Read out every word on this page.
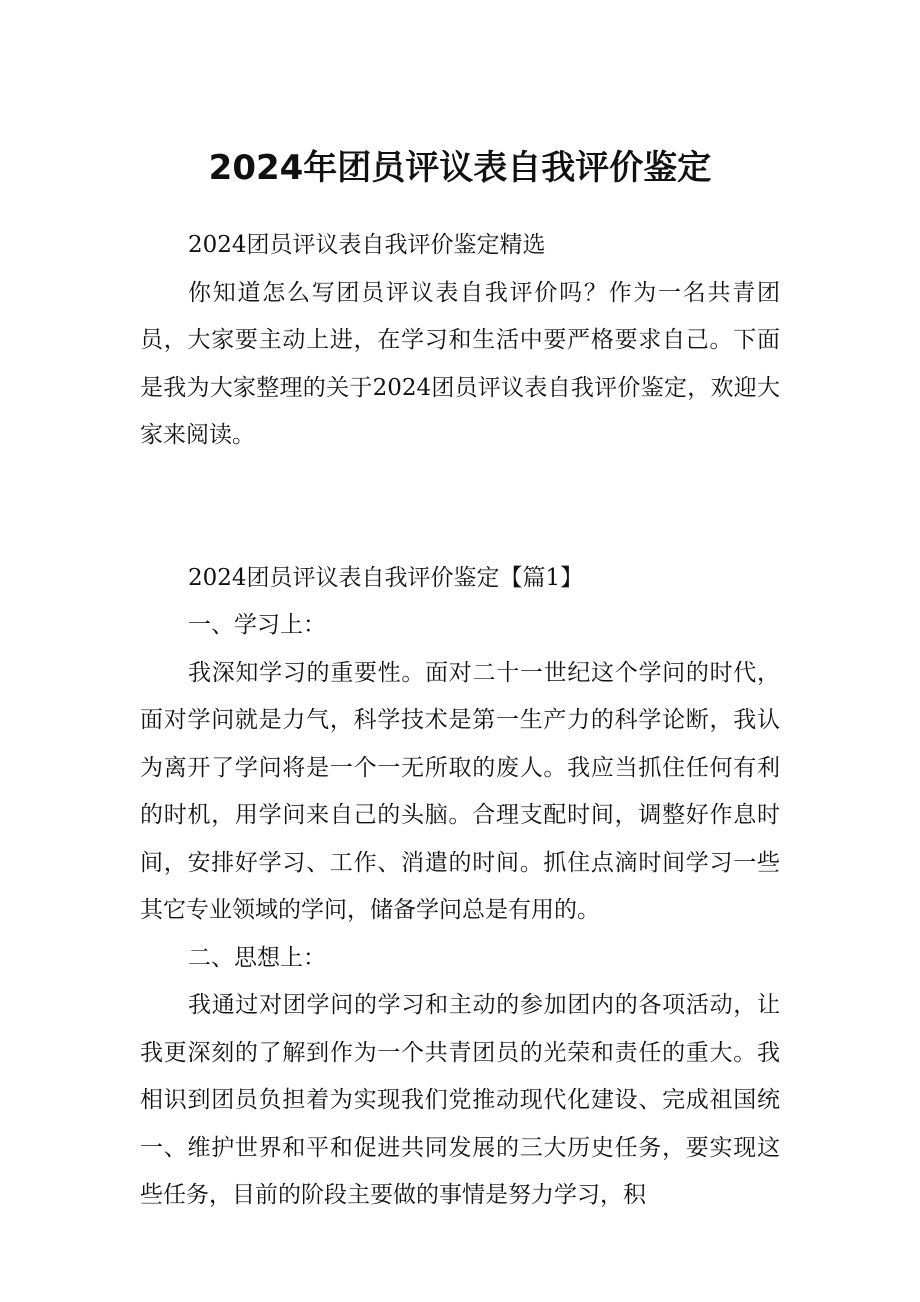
2024年团员评议表自我评价鉴定

2024团员评议表自我评价鉴定精选

你知道怎么写团员评议表自我评价吗？作为一名共青团员，大家要主动上进，在学习和生活中要严格要求自己。下面是我为大家整理的关于2024团员评议表自我评价鉴定，欢迎大家来阅读。

2024团员评议表自我评价鉴定【篇1】

一、学习上：

我深知学习的重要性。面对二十一世纪这个学问的时代，面对学问就是力气，科学技术是第一生产力的科学论断，我认为离开了学问将是一个一无所取的废人。我应当抓住任何有利的时机，用学问来自己的头脑。合理支配时间，调整好作息时间，安排好学习、工作、消遣的时间。抓住点滴时间学习一些其它专业领域的学问，储备学问总是有用的。

二、思想上：

我通过对团学问的学习和主动的参加团内的各项活动，让我更深刻的了解到作为一个共青团员的光荣和责任的重大。我相识到团员负担着为实现我们党推动现代化建设、完成祖国统一、维护世界和平和促进共同发展的三大历史任务，要实现这些任务，目前的阶段主要做的事情是努力学习，积
